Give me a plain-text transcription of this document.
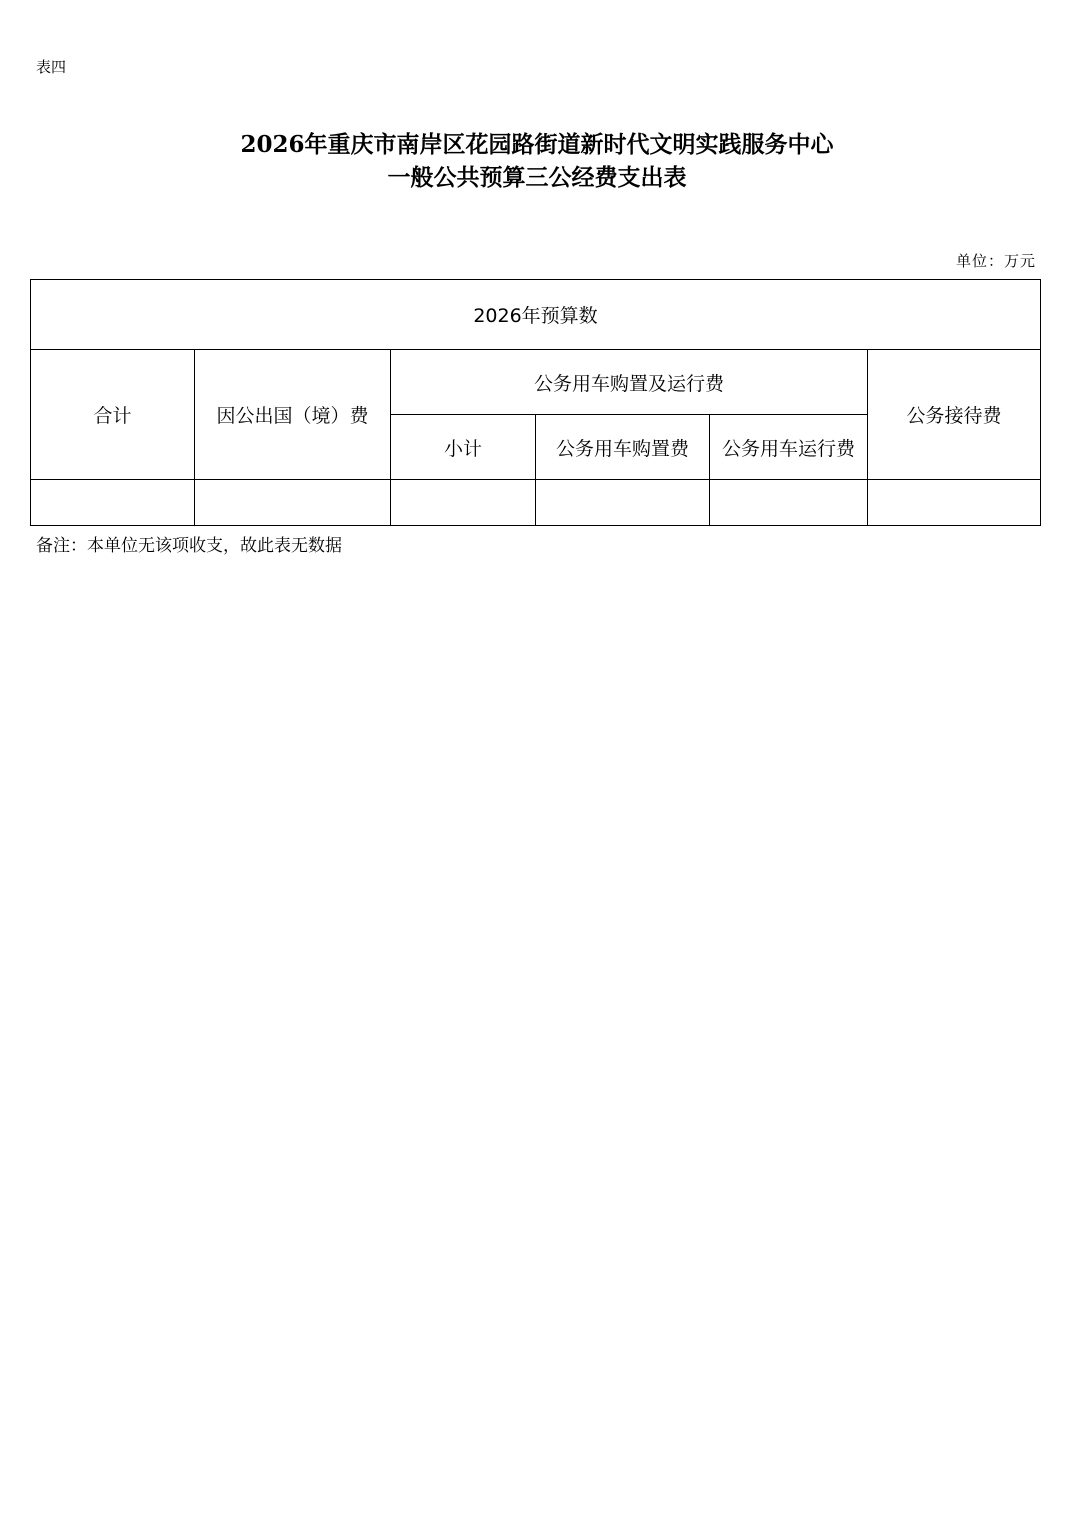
表四
2026年重庆市南岸区花园路街道新时代文明实践服务中心
一般公共预算三公经费支出表
单位：万元
2026年预算数					
合计	因公出国（境）费	公务用车购置及运行费			公务接待费
		小计	公务用车购置费	公务用车运行费	

备注：本单位无该项收支，故此表无数据
